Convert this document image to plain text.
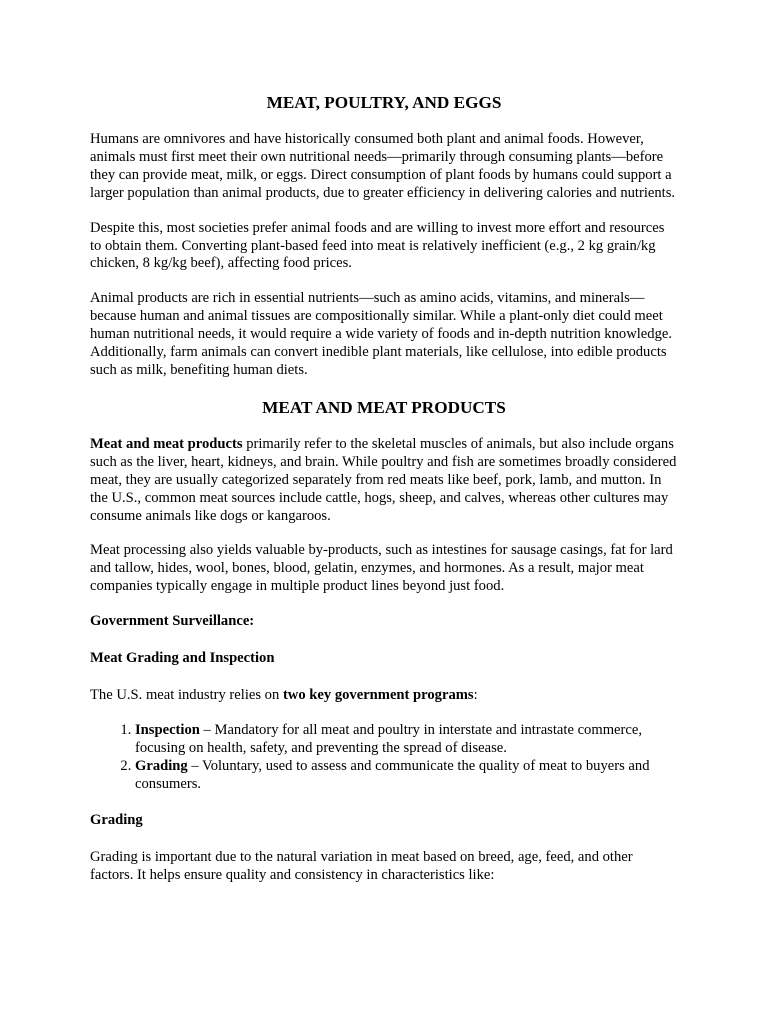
MEAT, POULTRY, AND EGGS

Humans are omnivores and have historically consumed both plant and animal foods. However, animals must first meet their own nutritional needs—primarily through consuming plants—before they can provide meat, milk, or eggs. Direct consumption of plant foods by humans could support a larger population than animal products, due to greater efficiency in delivering calories and nutrients.

Despite this, most societies prefer animal foods and are willing to invest more effort and resources to obtain them. Converting plant-based feed into meat is relatively inefficient (e.g., 2 kg grain/kg chicken, 8 kg/kg beef), affecting food prices.

Animal products are rich in essential nutrients—such as amino acids, vitamins, and minerals—because human and animal tissues are compositionally similar. While a plant-only diet could meet human nutritional needs, it would require a wide variety of foods and in-depth nutrition knowledge. Additionally, farm animals can convert inedible plant materials, like cellulose, into edible products such as milk, benefiting human diets.

MEAT AND MEAT PRODUCTS

Meat and meat products primarily refer to the skeletal muscles of animals, but also include organs such as the liver, heart, kidneys, and brain. While poultry and fish are sometimes broadly considered meat, they are usually categorized separately from red meats like beef, pork, lamb, and mutton. In the U.S., common meat sources include cattle, hogs, sheep, and calves, whereas other cultures may consume animals like dogs or kangaroos.

Meat processing also yields valuable by-products, such as intestines for sausage casings, fat for lard and tallow, hides, wool, bones, blood, gelatin, enzymes, and hormones. As a result, major meat companies typically engage in multiple product lines beyond just food.

Government Surveillance:

Meat Grading and Inspection

The U.S. meat industry relies on two key government programs:

1. Inspection – Mandatory for all meat and poultry in interstate and intrastate commerce, focusing on health, safety, and preventing the spread of disease.
2. Grading – Voluntary, used to assess and communicate the quality of meat to buyers and consumers.

Grading

Grading is important due to the natural variation in meat based on breed, age, feed, and other factors. It helps ensure quality and consistency in characteristics like:
